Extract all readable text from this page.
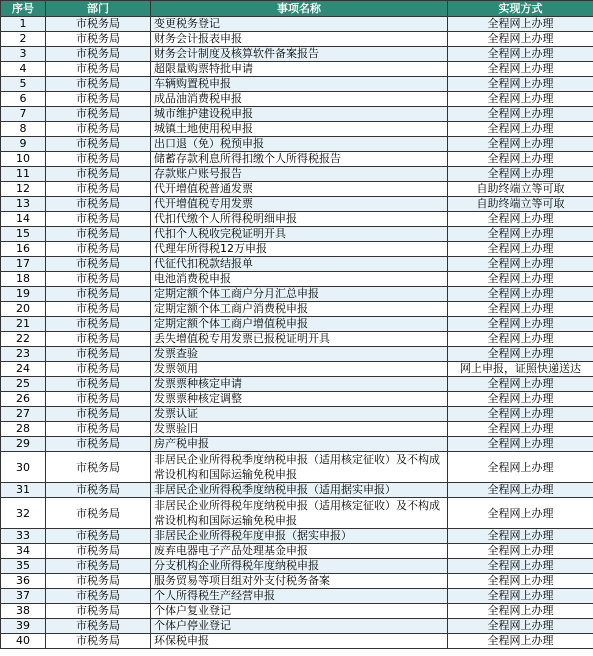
序号	部门	事项名称	实现方式
1	市税务局	变更税务登记	全程网上办理
2	市税务局	财务会计报表申报	全程网上办理
3	市税务局	财务会计制度及核算软件备案报告	全程网上办理
4	市税务局	超限量购票特批申请	全程网上办理
5	市税务局	车辆购置税申报	全程网上办理
6	市税务局	成品油消费税申报	全程网上办理
7	市税务局	城市维护建设税申报	全程网上办理
8	市税务局	城镇土地使用税申报	全程网上办理
9	市税务局	出口退（免）税预申报	全程网上办理
10	市税务局	储蓄存款利息所得扣缴个人所得税报告	全程网上办理
11	市税务局	存款账户账号报告	全程网上办理
12	市税务局	代开增值税普通发票	自助终端立等可取
13	市税务局	代开增值税专用发票	自助终端立等可取
14	市税务局	代扣代缴个人所得税明细申报	全程网上办理
15	市税务局	代扣个人税收完税证明开具	全程网上办理
16	市税务局	代理年所得税12万申报	全程网上办理
17	市税务局	代征代扣税款结报单	全程网上办理
18	市税务局	电池消费税申报	全程网上办理
19	市税务局	定期定额个体工商户分月汇总申报	全程网上办理
20	市税务局	定期定额个体工商户消费税申报	全程网上办理
21	市税务局	定期定额个体工商户增值税申报	全程网上办理
22	市税务局	丢失增值税专用发票已报税证明开具	全程网上办理
23	市税务局	发票查验	全程网上办理
24	市税务局	发票领用	网上申报，证照快递送达
25	市税务局	发票票种核定申请	全程网上办理
26	市税务局	发票票种核定调整	全程网上办理
27	市税务局	发票认证	全程网上办理
28	市税务局	发票验旧	全程网上办理
29	市税务局	房产税申报	全程网上办理
30	市税务局	非居民企业所得税季度纳税申报（适用核定征收）及不构成常设机构和国际运输免税申报	全程网上办理
31	市税务局	非居民企业所得税季度纳税申报（适用据实申报）	全程网上办理
32	市税务局	非居民企业所得税年度纳税申报（适用核定征收）及不构成常设机构和国际运输免税申报	全程网上办理
33	市税务局	非居民企业所得税年度申报（据实申报）	全程网上办理
34	市税务局	废弃电器电子产品处理基金申报	全程网上办理
35	市税务局	分支机构企业所得税年度纳税申报	全程网上办理
36	市税务局	服务贸易等项目组对外支付税务备案	全程网上办理
37	市税务局	个人所得税生产经营申报	全程网上办理
38	市税务局	个体户复业登记	全程网上办理
39	市税务局	个体户停业登记	全程网上办理
40	市税务局	环保税申报	全程网上办理
